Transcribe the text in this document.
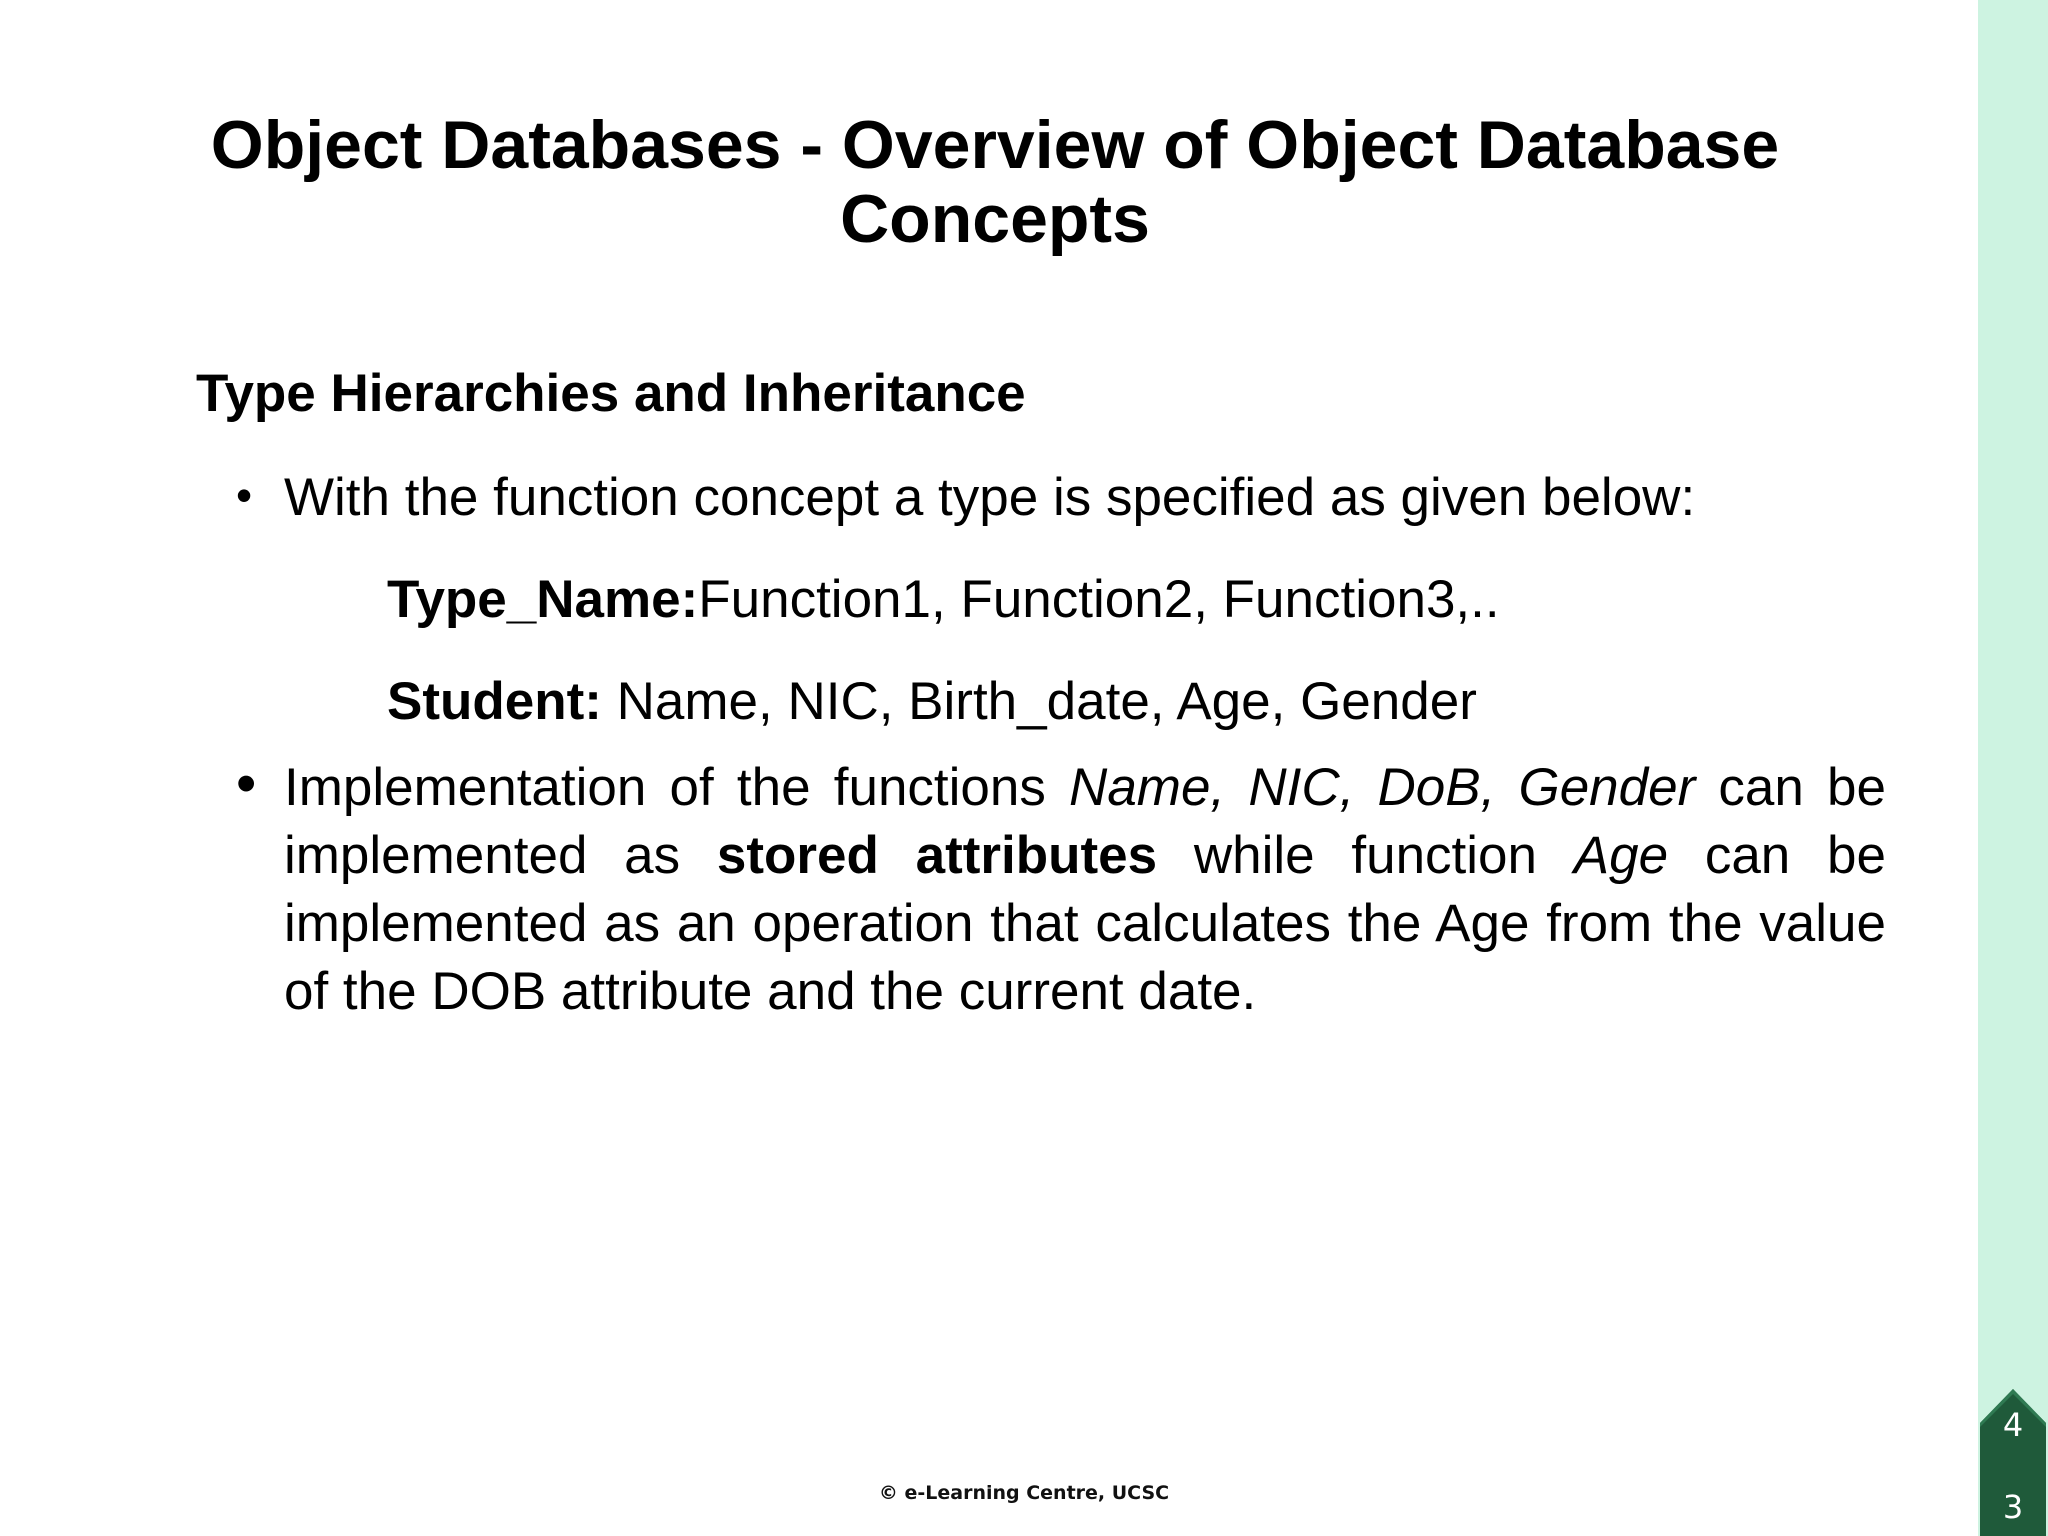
Object Databases - Overview of Object Database
Concepts
Type Hierarchies and Inheritance
• With the function concept a type is specified as given below:
Type_Name:Function1, Function2, Function3,..
Student: Name, NIC, Birth_date, Age, Gender
• Implementation of the functions Name, NIC, DoB, Gender can be implemented as stored attributes while function Age can be implemented as an operation that calculates the Age from the value of the DOB attribute and the current date.
© e-Learning Centre, UCSC
4
3
